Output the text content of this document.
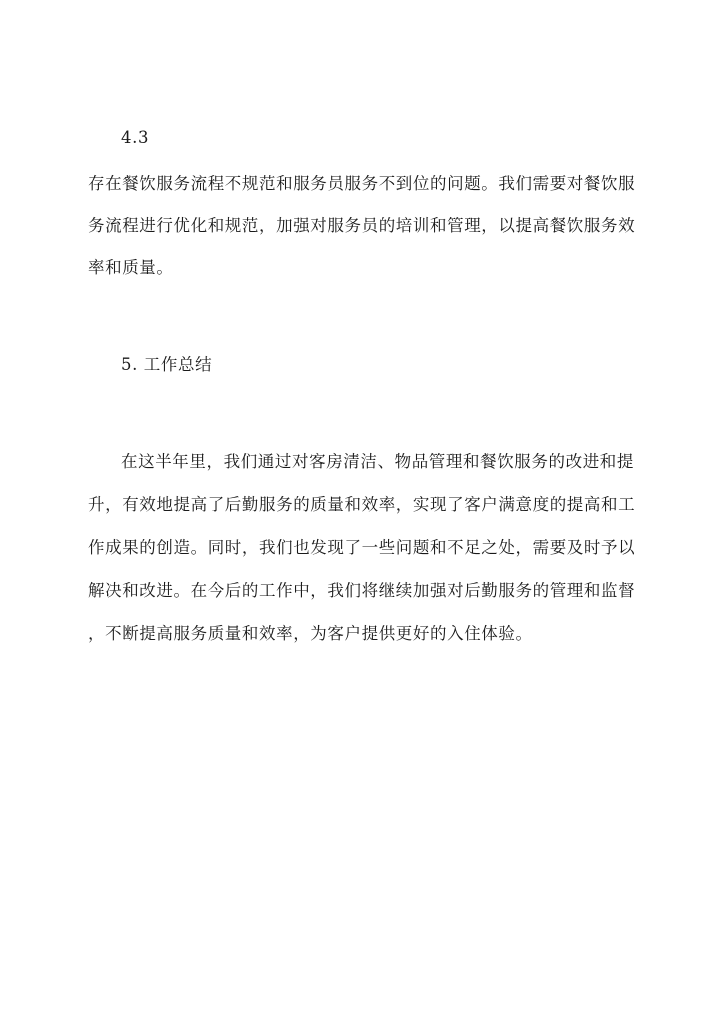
4.3
存在餐饮服务流程不规范和服务员服务不到位的问题。我们需要对餐饮服
务流程进行优化和规范，加强对服务员的培训和管理，以提高餐饮服务效
率和质量。
5. 工作总结
在这半年里，我们通过对客房清洁、物品管理和餐饮服务的改进和提
升，有效地提高了后勤服务的质量和效率，实现了客户满意度的提高和工
作成果的创造。同时，我们也发现了一些问题和不足之处，需要及时予以
解决和改进。在今后的工作中，我们将继续加强对后勤服务的管理和监督
，不断提高服务质量和效率，为客户提供更好的入住体验。
